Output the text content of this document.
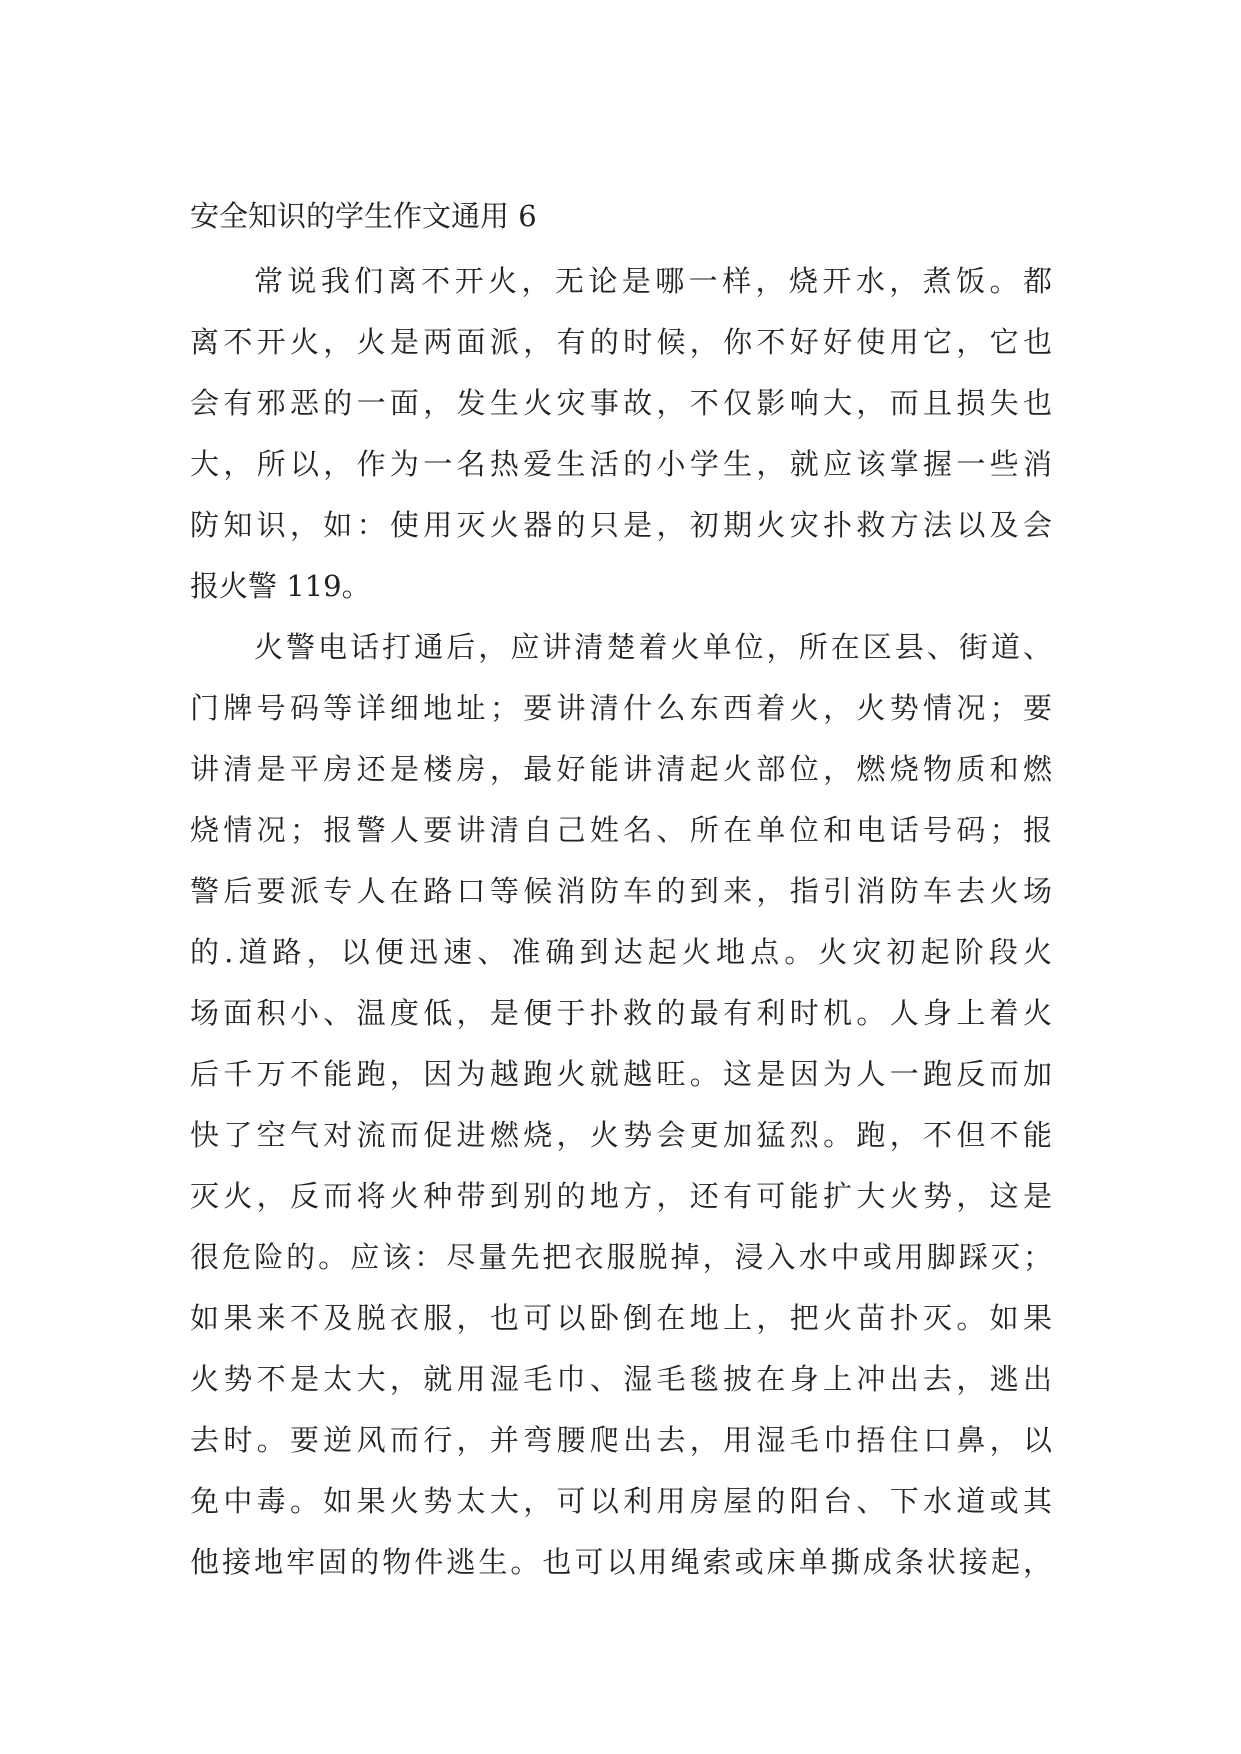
安全知识的学生作文通用 6
常说我们离不开火，无论是哪一样，烧开水，煮饭。都
离不开火，火是两面派，有的时候，你不好好使用它，它也
会有邪恶的一面，发生火灾事故，不仅影响大，而且损失也
大，所以，作为一名热爱生活的小学生，就应该掌握一些消
防知识，如：使用灭火器的只是，初期火灾扑救方法以及会
报火警 119。
火警电话打通后，应讲清楚着火单位，所在区县、街道、
门牌号码等详细地址；要讲清什么东西着火，火势情况；要
讲清是平房还是楼房，最好能讲清起火部位，燃烧物质和燃
烧情况；报警人要讲清自己姓名、所在单位和电话号码；报
警后要派专人在路口等候消防车的到来，指引消防车去火场
的.道路，以便迅速、准确到达起火地点。火灾初起阶段火
场面积小、温度低，是便于扑救的最有利时机。人身上着火
后千万不能跑，因为越跑火就越旺。这是因为人一跑反而加
快了空气对流而促进燃烧，火势会更加猛烈。跑，不但不能
灭火，反而将火种带到别的地方，还有可能扩大火势，这是
很危险的。应该：尽量先把衣服脱掉，浸入水中或用脚踩灭；
如果来不及脱衣服，也可以卧倒在地上，把火苗扑灭。如果
火势不是太大，就用湿毛巾、湿毛毯披在身上冲出去，逃出
去时。要逆风而行，并弯腰爬出去，用湿毛巾捂住口鼻，以
免中毒。如果火势太大，可以利用房屋的阳台、下水道或其
他接地牢固的物件逃生。也可以用绳索或床单撕成条状接起，
